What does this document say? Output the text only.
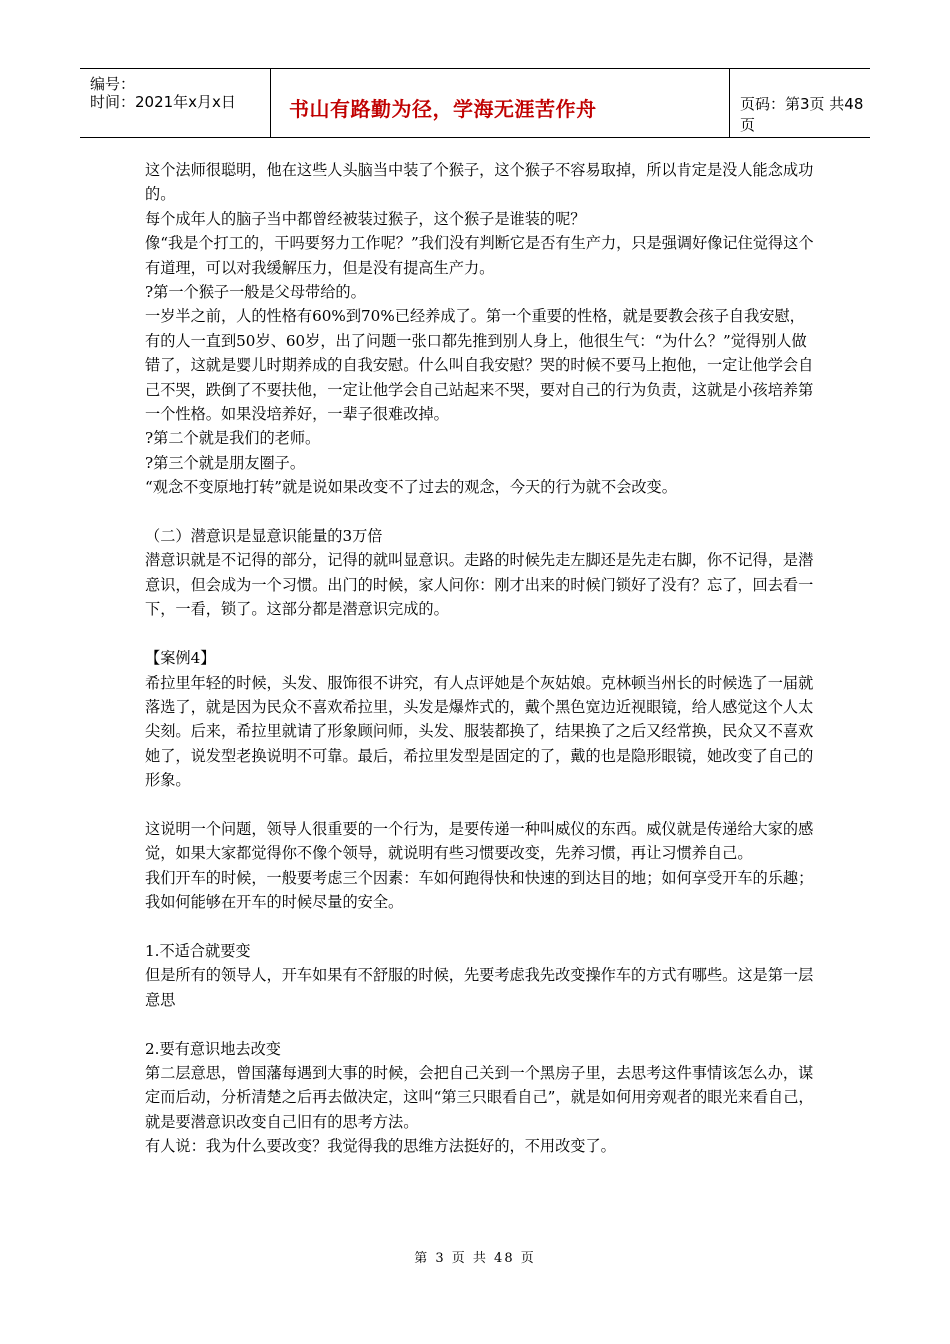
编号：
时间：2021年x月x日	书山有路勤为径，学海无涯苦作舟	页码：第3页 共48页

这个法师很聪明，他在这些人头脑当中装了个猴子，这个猴子不容易取掉，所以肯定是没人能念成功的。

每个成年人的脑子当中都曾经被装过猴子，这个猴子是谁装的呢？

像“我是个打工的，干吗要努力工作呢？”我们没有判断它是否有生产力，只是强调好像记住觉得这个有道理，可以对我缓解压力，但是没有提高生产力。

?第一个猴子一般是父母带给的。

一岁半之前，人的性格有60%到70%已经养成了。第一个重要的性格，就是要教会孩子自我安慰，有的人一直到50岁、60岁，出了问题一张口都先推到别人身上，他很生气：“为什么？”觉得别人做错了，这就是婴儿时期养成的自我安慰。什么叫自我安慰？哭的时候不要马上抱他，一定让他学会自己不哭，跌倒了不要扶他，一定让他学会自己站起来不哭，要对自己的行为负责，这就是小孩培养第一个性格。如果没培养好，一辈子很难改掉。

?第二个就是我们的老师。

?第三个就是朋友圈子。

“观念不变原地打转”就是说如果改变不了过去的观念，今天的行为就不会改变。

（二）潜意识是显意识能量的3万倍

潜意识就是不记得的部分，记得的就叫显意识。走路的时候先走左脚还是先走右脚，你不记得，是潜意识，但会成为一个习惯。出门的时候，家人问你：刚才出来的时候门锁好了没有？忘了，回去看一下，一看，锁了。这部分都是潜意识完成的。

【案例4】

希拉里年轻的时候，头发、服饰很不讲究，有人点评她是个灰姑娘。克林顿当州长的时候选了一届就落选了，就是因为民众不喜欢希拉里，头发是爆炸式的，戴个黑色宽边近视眼镜，给人感觉这个人太尖刻。后来，希拉里就请了形象顾问师，头发、服装都换了，结果换了之后又经常换，民众又不喜欢她了，说发型老换说明不可靠。最后，希拉里发型是固定的了，戴的也是隐形眼镜，她改变了自己的形象。

这说明一个问题，领导人很重要的一个行为，是要传递一种叫威仪的东西。威仪就是传递给大家的感觉，如果大家都觉得你不像个领导，就说明有些习惯要改变，先养习惯，再让习惯养自己。

我们开车的时候，一般要考虑三个因素：车如何跑得快和快速的到达目的地；如何享受开车的乐趣；我如何能够在开车的时候尽量的安全。

1.不适合就要变

但是所有的领导人，开车如果有不舒服的时候，先要考虑我先改变操作车的方式有哪些。这是第一层意思

2.要有意识地去改变

第二层意思，曾国藩每遇到大事的时候，会把自己关到一个黑房子里，去思考这件事情该怎么办，谋定而后动，分析清楚之后再去做决定，这叫“第三只眼看自己”，就是如何用旁观者的眼光来看自己，就是要潜意识改变自己旧有的思考方法。

有人说：我为什么要改变？我觉得我的思维方法挺好的，不用改变了。

第 3 页 共 48 页
